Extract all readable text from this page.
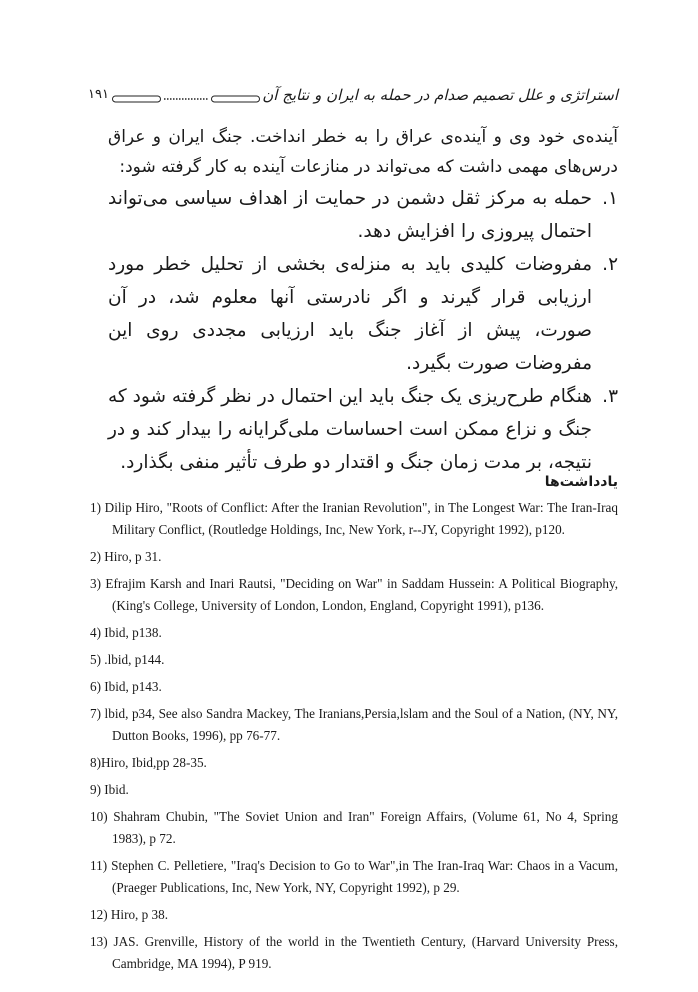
۱۹۱	استراتژی و علل تصمیم صدام در حمله به ایران و نتایج آن

آینده‌ی خود وی و آینده‌ی عراق را به خطر انداخت. جنگ ایران و عراق درس‌های مهمی داشت که می‌تواند در منازعات آینده به کار گرفته شود:

۱.
حمله به مرکز ثقل دشمن در حمایت از اهداف سیاسی می‌تواند احتمال پیروزی را افزایش دهد.
۲.
مفروضات کلیدی باید به منزله‌ی بخشی از تحلیل خطر مورد ارزیابی قرار گیرند و اگر نادرستی آنها معلوم شد، در آن صورت، پیش از آغاز جنگ باید ارزیابی مجددی روی این مفروضات صورت بگیرد.
۳.
هنگام طرح‌ریزی یک جنگ باید این احتمال در نظر گرفته شود که جنگ و نزاع ممکن است احساسات ملی‌گرایانه را بیدار کند و در نتیجه، بر مدت زمان جنگ و اقتدار دو طرف تأثیر منفی بگذارد.
یادداشت‌ها
1) Dilip Hiro, "Roots of Conflict: After the Iranian Revolution", in The Longest War: The Iran-Iraq Military Conflict, (Routledge Holdings, Inc, New York, r--JY, Copyright 1992), p120.
2) Hiro, p 31.
3) Efrajim Karsh and Inari Rautsi, "Deciding on War" in Saddam Hussein: A Political Biography, (King's College, University of London, London, England, Copyright 1991), p136.
4) Ibid, p138.
5) .lbid, p144.
6) Ibid, p143.
7) lbid, p34, See also Sandra Mackey, The Iranians,Persia,lslam and the Soul of a Nation, (NY, NY, Dutton Books, 1996), pp 76-77.
8)Hiro, Ibid,pp 28-35.
9) Ibid.
10) Shahram Chubin, "The Soviet Union and Iran" Foreign Affairs, (Volume 61, No 4, Spring 1983), p 72.
11) Stephen C. Pelletiere, "Iraq's Decision to Go to War",in The Iran-Iraq War: Chaos in a Vacum, (Praeger Publications, Inc, New York, NY, Copyright 1992), p 29.
12) Hiro, p 38.
13) JAS. Grenville, History of the world in the Twentieth Century, (Harvard University Press, Cambridge, MA 1994), P 919.
